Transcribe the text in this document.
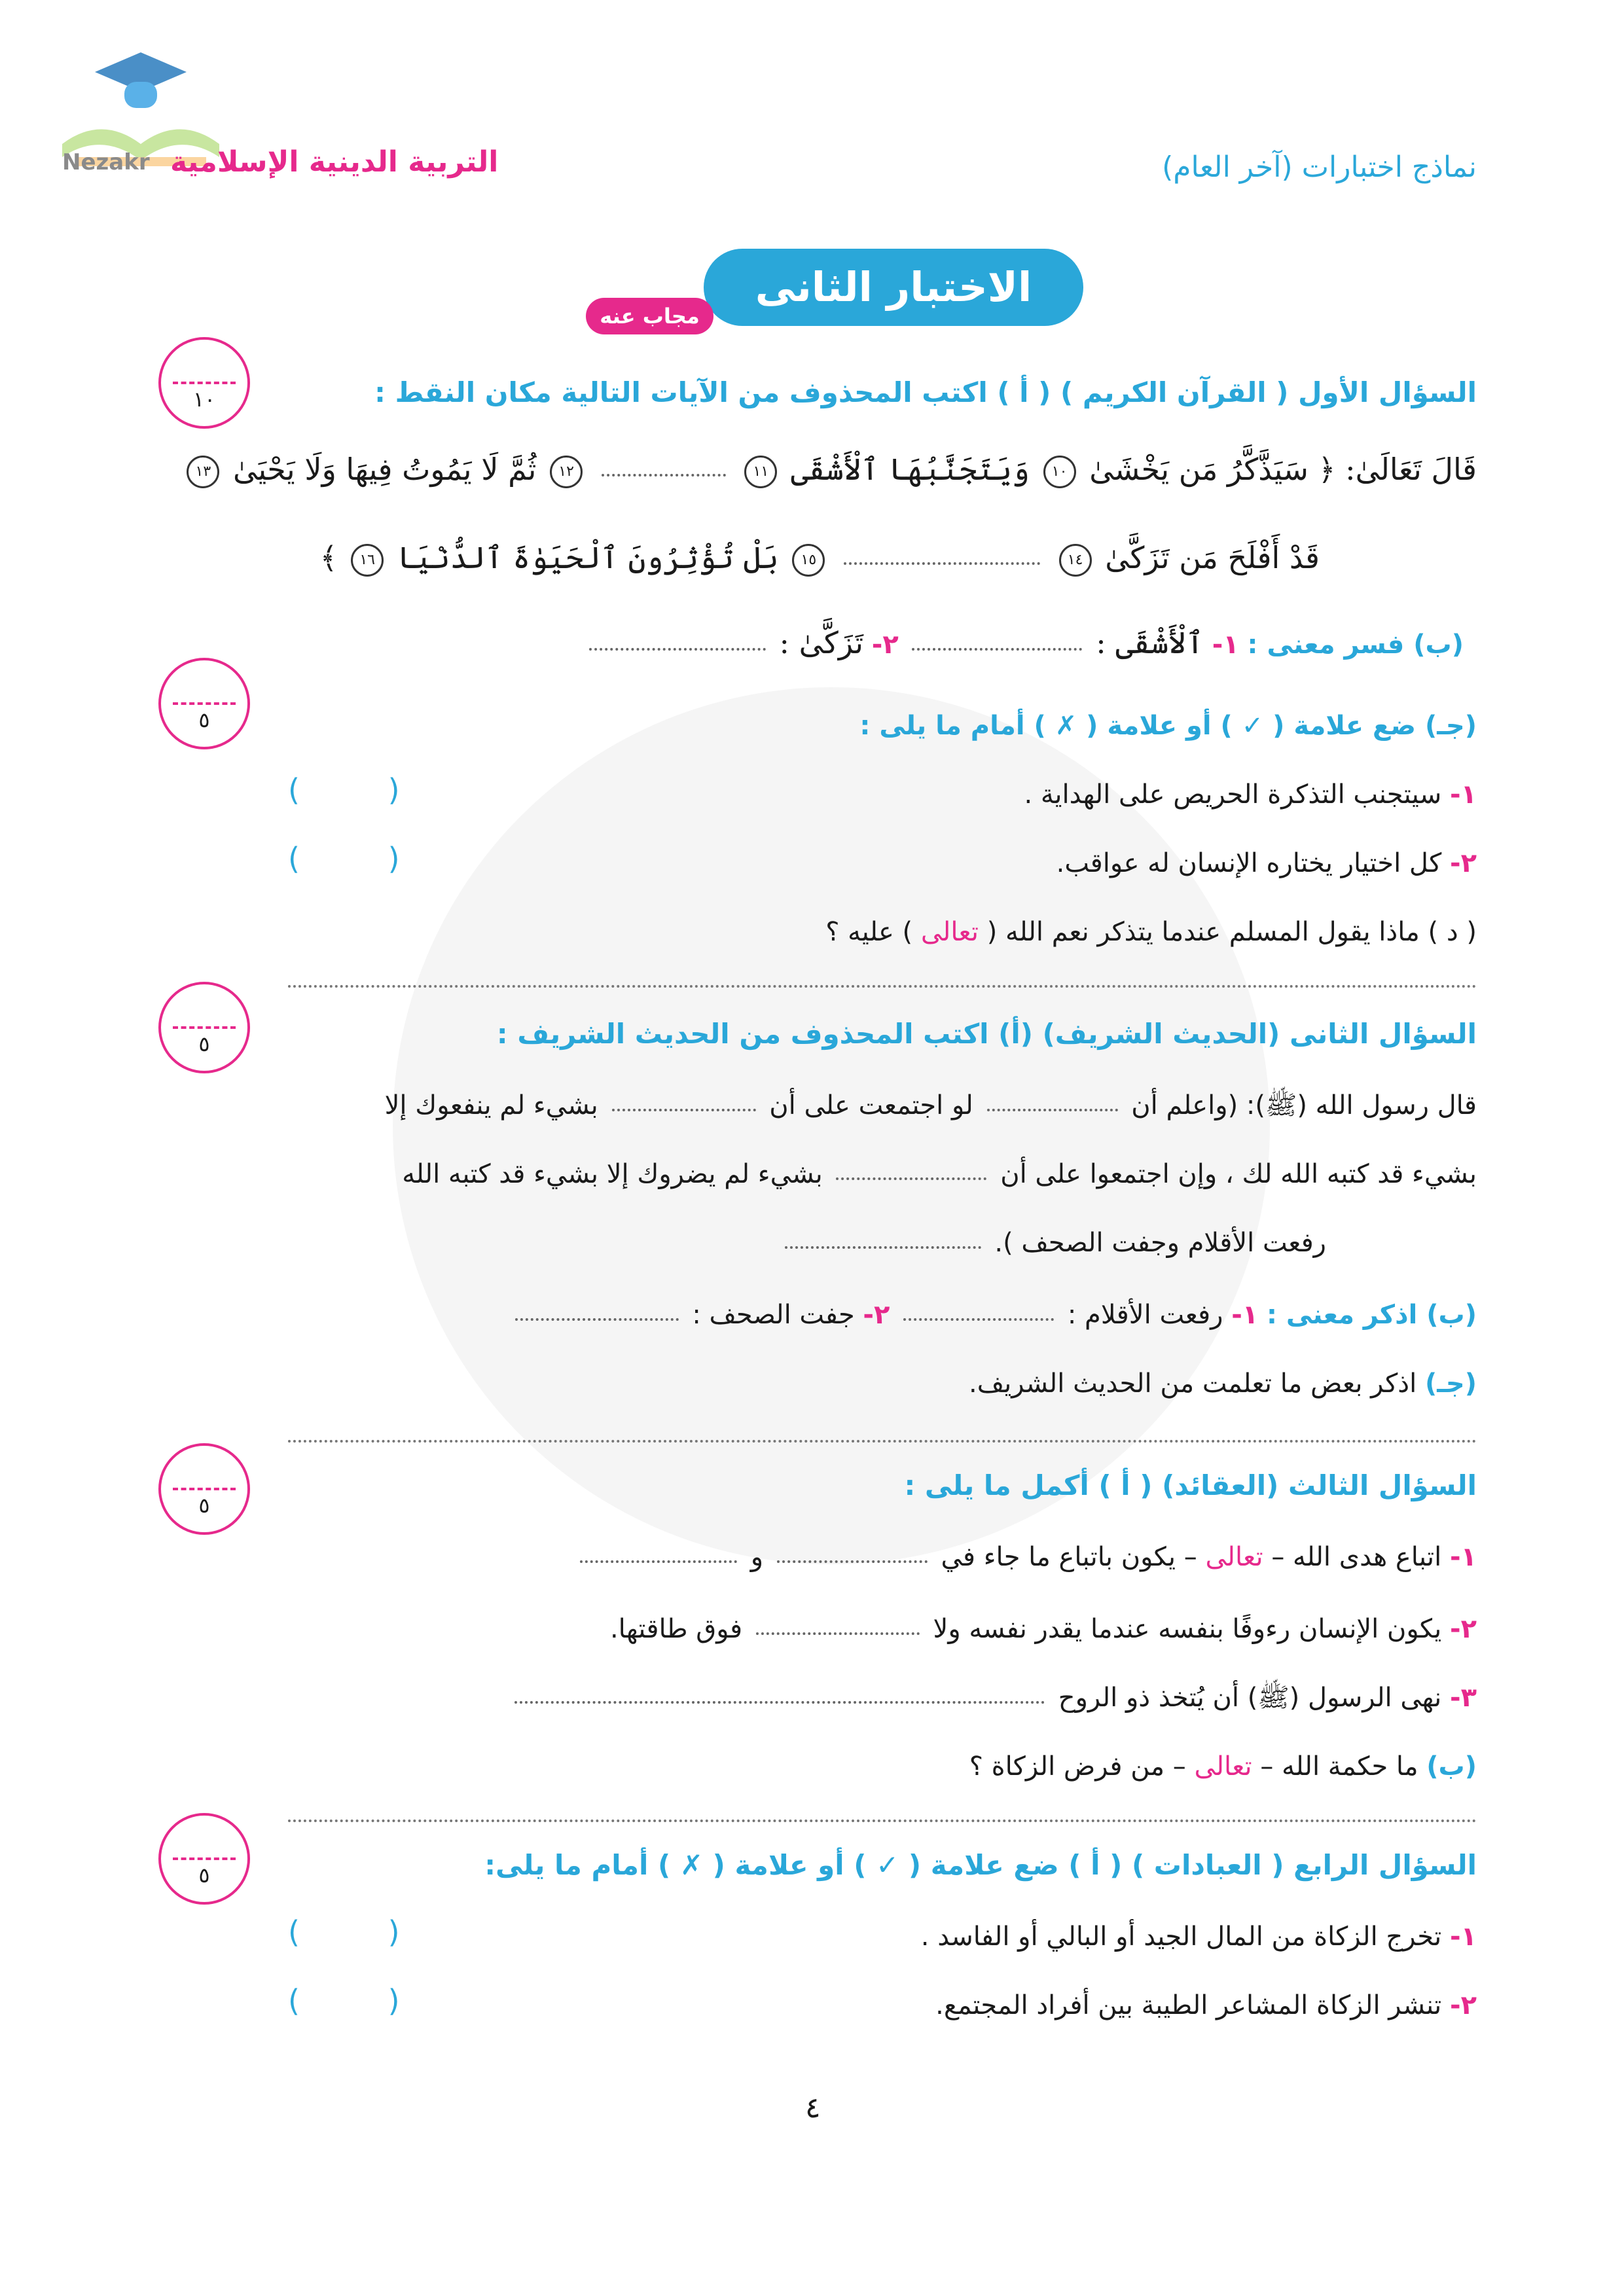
Nezakr التربية الدينية الإسلامية	نماذج اختبارات (آخر العام)
الاختبار الثانى
مجاب عنه
١٠
٥
٥
٥
٥
السؤال الأول ( القرآن الكريم ) ( أ ) اكتب المحذوف من الآيات التالية مكان النقط :
قَالَ تَعَالَىٰ: ﴿ سَيَذَّكَّرُ مَن يَخْشَىٰ ١٠ وَيَتَجَنَّبُهَا ٱلْأَشْقَى ١١  ١٢ ثُمَّ لَا يَمُوتُ فِيهَا وَلَا يَحْيَىٰ ١٣
قَدْ أَفْلَحَ مَن تَزَكَّىٰ ١٤  ١٥ بَلْ تُؤْثِرُونَ ٱلْحَيَوٰةَ ٱلدُّنْيَا ١٦ ﴾
(ب) فسر معنى : ١- ٱلْأَشْقَى :  ٢- تَزَكَّىٰ :
(جـ) ضع علامة ( ✓ ) أو علامة ( ✗ ) أمام ما يلى :
١- سيتجنب التذكرة الحريص على الهداية .
( )
٢- كل اختيار يختاره الإنسان له عواقب.
( )
( د ) ماذا يقول المسلم عندما يتذكر نعم الله ( تعالى ) عليه ؟
السؤال الثانى (الحديث الشريف) (أ) اكتب المحذوف من الحديث الشريف :
قال رسول الله (ﷺ): (واعلم أن  لو اجتمعت على أن  بشيء لم ينفعوك إلا
بشيء قد كتبه الله لك ، وإن اجتمعوا على أن  بشيء لم يضروك إلا بشيء قد كتبه الله
رفعت الأقلام وجفت الصحف ).
(ب) اذكر معنى : ١- رفعت الأقلام :  ٢- جفت الصحف :
(جـ) اذكر بعض ما تعلمت من الحديث الشريف.
السؤال الثالث (العقائد) ( أ ) أكمل ما يلى :
١- اتباع هدى الله – تعالى – يكون باتباع ما جاء في  و
٢- يكون الإنسان رءوفًا بنفسه عندما يقدر نفسه ولا  فوق طاقتها.
٣- نهى الرسول (ﷺ) أن يُتخذ ذو الروح
(ب) ما حكمة الله – تعالى – من فرض الزكاة ؟
السؤال الرابع ( العبادات ) ( أ ) ضع علامة ( ✓ ) أو علامة ( ✗ ) أمام ما يلى:
١- تخرج الزكاة من المال الجيد أو البالي أو الفاسد .
( )
٢- تنشر الزكاة المشاعر الطيبة بين أفراد المجتمع.
( )
٤
